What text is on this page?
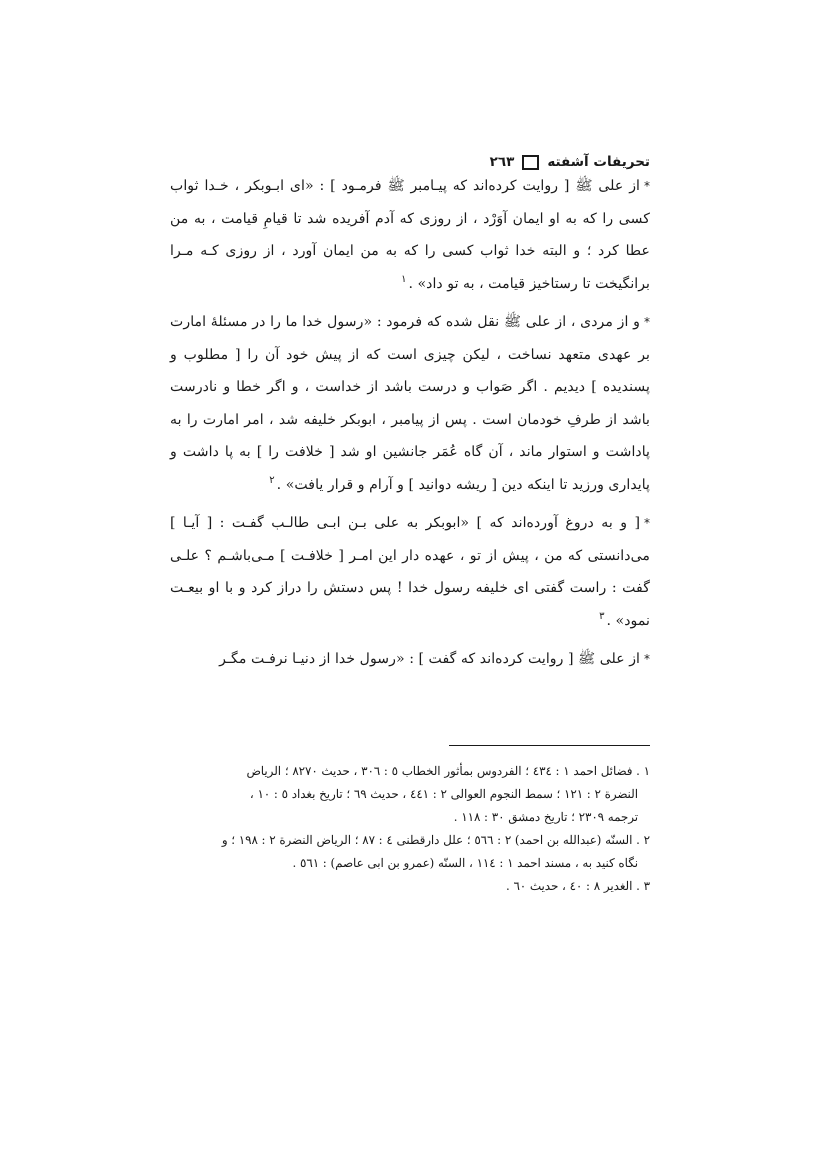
تحریفات آشفته
٢٦٣

*از علی ﷺ [ روایت کرده‌اند که پیـامبر ﷺ فرمـود ] : «ای ابـوبکر ، خـدا ثواب کسی را که به او ایمان آوَرْد ، از روزی که آدم آفریده شد تا قیامِ قیامت ، به من عطا کرد ؛ و البته خدا ثواب کسی را که به من ایمان آورد ، از روزی کـه مـرا برانگیخت تا رستاخیز قیامت ، به تو داد» .$^١$

*و از مردی ، از علی ﷺ نقل شده که فرمود : «رسول خدا ما را در مسئلهٔ امارت بر عهدی متعهد نساخت ، لیکن چیزی است که از پیش خود آن را [ مطلوب و پسندیده ] دیدیم . اگر صَواب و درست باشد از خداست ، و اگر خطا و نادرست باشد از طرفِ خودمان است . پس از پیامبر ، ابوبکر خلیفه شد ، امر امارت را به پاداشت و استوار ماند ، آن گاه عُمَر جانشین او شد [ خلافت را ] به پا داشت و پایداری ورزید تا اینکه دین [ ریشه دوانید ] و آرام و قرار یافت» .$^٢$

*[ و به دروغ آورده‌اند که ] «ابوبکر به علی بـن ابـی طالـب گفـت : [ آیـا ] می‌دانستی که من ، پیش از تو ، عهده دار این امـر [ خلافـت ] مـی‌باشـم ؟ علـی گفت : راست گفتی ای خلیفه رسول خدا ! پس دستش را دراز کرد و با او بیعـت نمود» .$^٣$

*از علی ﷺ [ روایت کرده‌اند که گفت ] : «رسول خدا از دنیـا نرفـت مگـر

١ . فضائل احمد ١ : ٤٣٤ ؛ الفردوس بمأثور الخطاب ٥ : ٣٠٦ ، حدیث ٨٢٧٠ ؛ الریاض
النضرة ٢ : ١٢١ ؛ سمط النجوم العوالی ٢ : ٤٤١ ، حدیث ٦٩ ؛ تاریخ بغداد ٥ : ١٠ ،
ترجمه ٢٣٠٩ ؛ تاریخ دمشق ٣٠ : ١١٨ .
٢ . السنّه (عبدالله بن احمد) ٢ : ٥٦٦ ؛ علل دارقطنی ٤ : ٨٧ ؛ الریاض النضرة ٢ : ١٩٨ ؛ و
نگاه کنید به ، مسند احمد ١ : ١١٤ ، السنّه (عمرو بن ابی عاصم) : ٥٦١ .
٣ . الغدیر ٨ : ٤٠ ، حدیث ٦٠ .
